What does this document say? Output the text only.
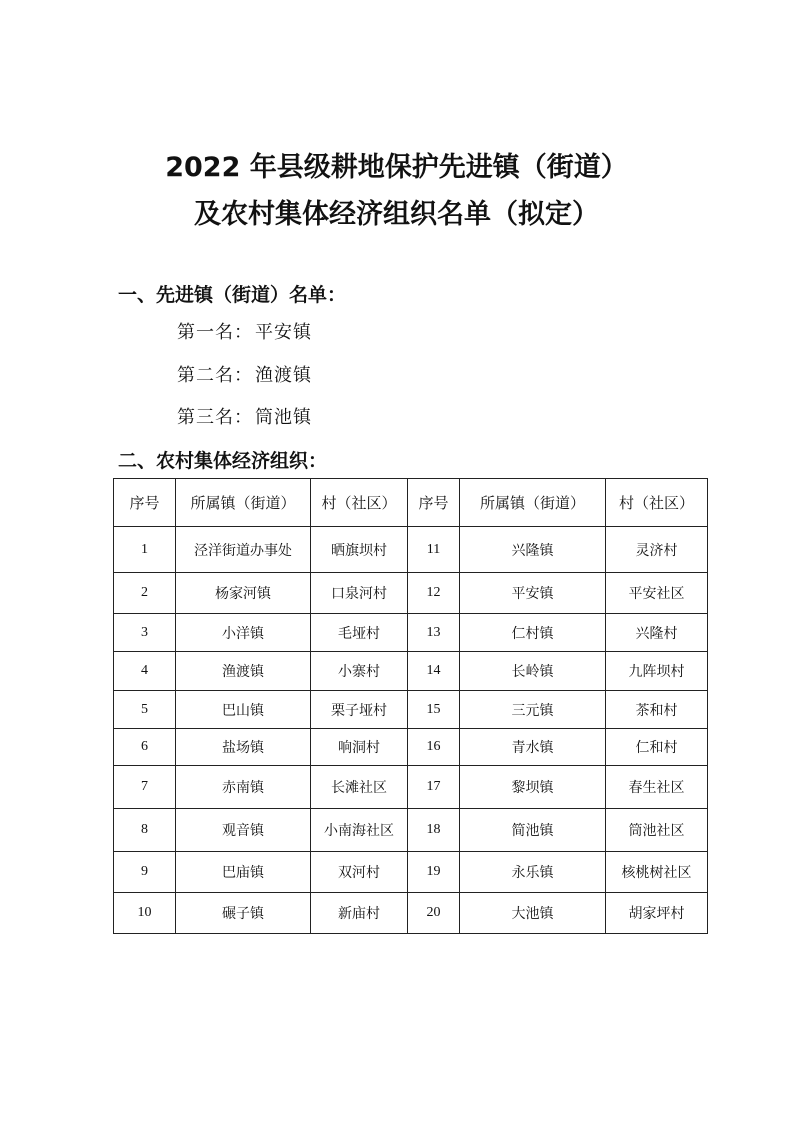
2022 年县级耕地保护先进镇（街道）
及农村集体经济组织名单（拟定）
一、先进镇（街道）名单：
第一名： 平安镇
第二名： 渔渡镇
第三名： 筒池镇
二、农村集体经济组织：
序号	所属镇（街道）	村（社区）	序号	所属镇（街道）	村（社区）
1	泾洋街道办事处	晒旗坝村	11	兴隆镇	灵济村
2	杨家河镇	口泉河村	12	平安镇	平安社区
3	小洋镇	毛垭村	13	仁村镇	兴隆村
4	渔渡镇	小寨村	14	长岭镇	九阵坝村
5	巴山镇	栗子垭村	15	三元镇	茶和村
6	盐场镇	响洞村	16	青水镇	仁和村
7	赤南镇	长滩社区	17	黎坝镇	春生社区
8	观音镇	小南海社区	18	简池镇	筒池社区
9	巴庙镇	双河村	19	永乐镇	核桃树社区
10	碾子镇	新庙村	20	大池镇	胡家坪村
